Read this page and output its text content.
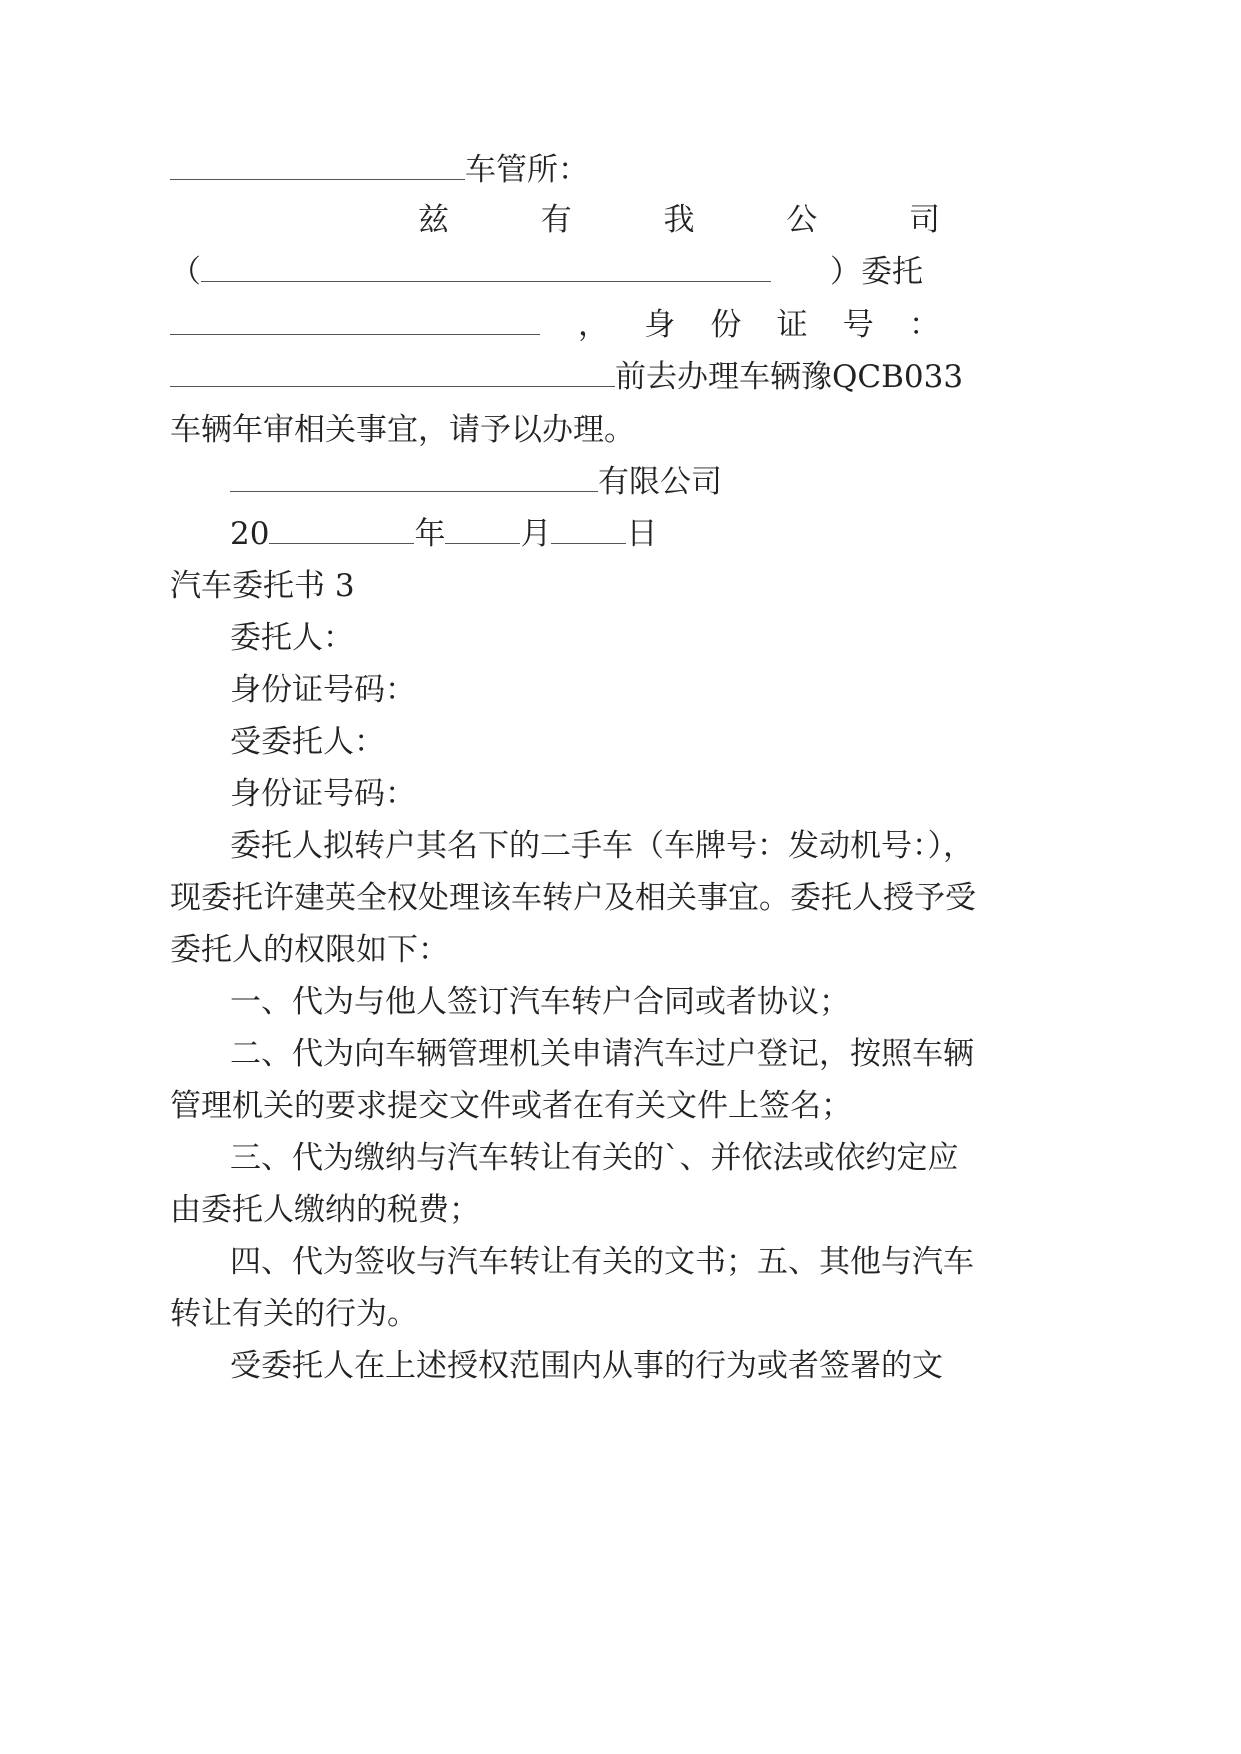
车管所：
兹	有	我	公	司
（	）委托
， 身 份 证 号 ：
前去办理车辆豫QCB033
车辆年审相关事宜，请予以办理。
有限公司
20	年 月 日
汽车委托书 3
委托人：
身份证号码：
受委托人：
身份证号码：
委托人拟转户其名下的二手车（车牌号：发动机号：），
现委托许建英全权处理该车转户及相关事宜。委托人授予受
委托人的权限如下：
一、代为与他人签订汽车转户合同或者协议；
二、代为向车辆管理机关申请汽车过户登记，按照车辆
管理机关的要求提交文件或者在有关文件上签名；
三、代为缴纳与汽车转让有关的`、并依法或依约定应
由委托人缴纳的税费；
四、代为签收与汽车转让有关的文书；五、其他与汽车
转让有关的行为。
受委托人在上述授权范围内从事的行为或者签署的文
